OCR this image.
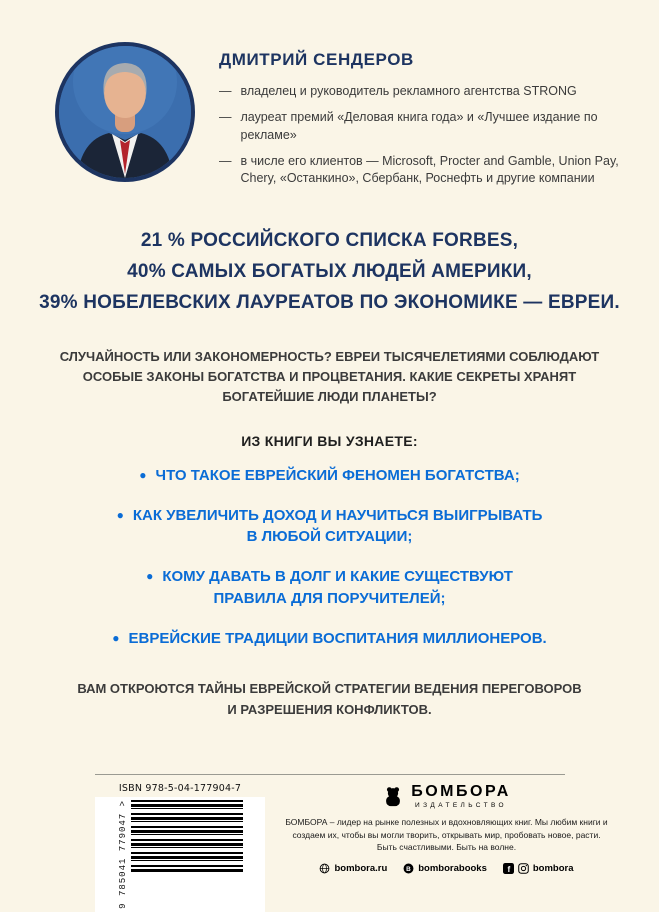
ДМИТРИЙ СЕНДЕРОВ
— владелец и руководитель рекламного агентства STRONG
— лауреат премий «Деловая книга года» и «Лучшее издание по рекламе»
— в числе его клиентов — Microsoft, Procter and Gamble, Union Pay, Chery, «Останкино», Сбербанк, Роснефть и другие компании
21 % РОССИЙСКОГО СПИСКА FORBES,
40% САМЫХ БОГАТЫХ ЛЮДЕЙ АМЕРИКИ,
39% НОБЕЛЕВСКИХ ЛАУРЕАТОВ ПО ЭКОНОМИКЕ — ЕВРЕИ.
СЛУЧАЙНОСТЬ ИЛИ ЗАКОНОМЕРНОСТЬ? ЕВРЕИ ТЫСЯЧЕЛЕТИЯМИ СОБЛЮДАЮТ
ОСОБЫЕ ЗАКОНЫ БОГАТСТВА И ПРОЦВЕТАНИЯ. КАКИЕ СЕКРЕТЫ ХРАНЯТ
БОГАТЕЙШИЕ ЛЮДИ ПЛАНЕТЫ?
ИЗ КНИГИ ВЫ УЗНАЕТЕ:
● ЧТО ТАКОЕ ЕВРЕЙСКИЙ ФЕНОМЕН БОГАТСТВА;
● КАК УВЕЛИЧИТЬ ДОХОД И НАУЧИТЬСЯ ВЫИГРЫВАТЬ
В ЛЮБОЙ СИТУАЦИИ;
● КОМУ ДАВАТЬ В ДОЛГ И КАКИЕ СУЩЕСТВУЮТ
ПРАВИЛА ДЛЯ ПОРУЧИТЕЛЕЙ;
● ЕВРЕЙСКИЕ ТРАДИЦИИ ВОСПИТАНИЯ МИЛЛИОНЕРОВ.
ВАМ ОТКРОЮТСЯ ТАЙНЫ ЕВРЕЙСКОЙ СТРАТЕГИИ ВЕДЕНИЯ ПЕРЕГОВОРОВ
И РАЗРЕШЕНИЯ КОНФЛИКТОВ.
ISBN 978-5-04-177904-7
9 785041 779047 >
БОМБОРА
ИЗДАТЕЛЬСТВО
БОМБОРА – лидер на рынке полезных и вдохновляющих книг. Мы любим книги и создаем их, чтобы вы могли творить, открывать мир, пробовать новое, расти. Быть счастливыми. Быть на волне.
bombora.ru	B bomborabooks f bombora
